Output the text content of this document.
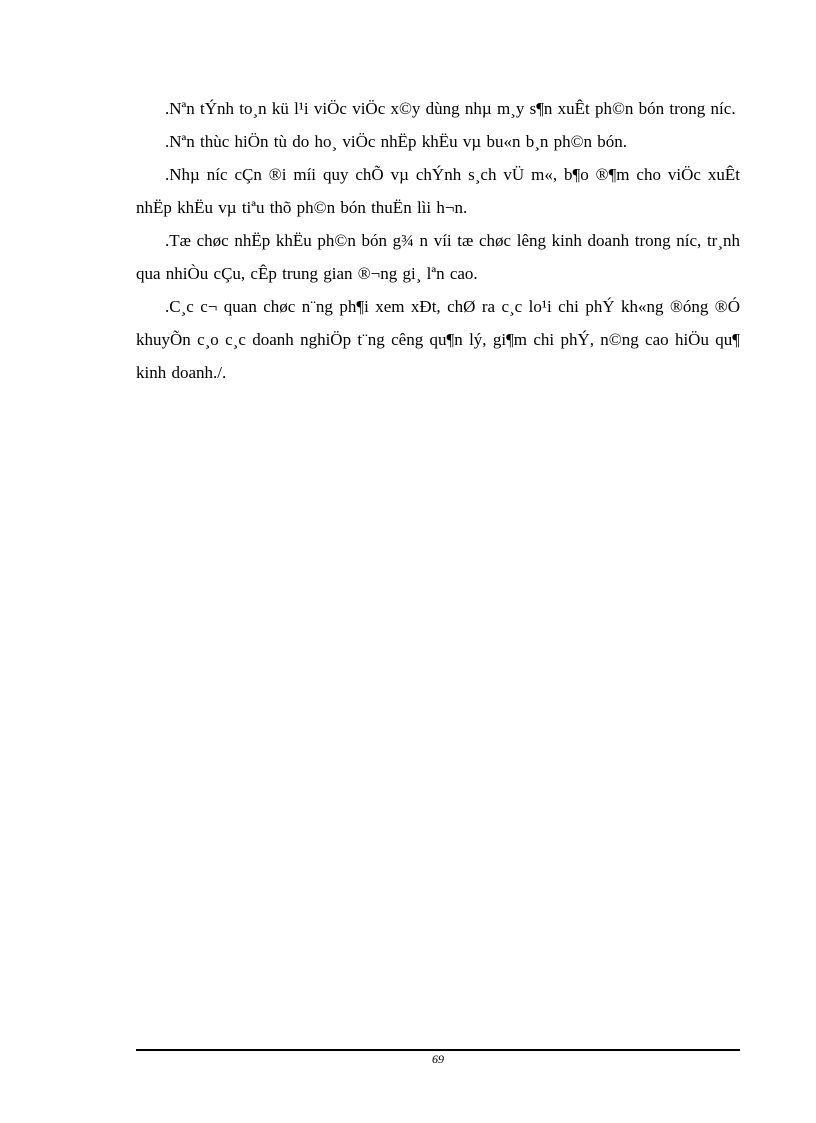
.Nªn tÝnh to¸n kü l¹i viÖc viÖc x©y dùng nhµ m¸y s¶n xuÊt ph©n bón trong níc.

.Nªn thùc hiÖn tù do ho¸ viÖc nhËp khËu vµ bu«n b¸n ph©n bón.

.Nhµ níc cÇn ®i míi quy chÕ vµ chÝnh s¸ch vÜ m«, b¶o ®¶m cho viÖc xuÊt nhËp khËu vµ tiªu thõ ph©n bón thuËn lìi h¬n.

.Tæ chøc nhËp khËu ph©n bón g¾ n víi tæ chøc lêng kinh doanh trong níc, tr¸nh qua nhiÒu cÇu, cÊp trung gian ®¬ng gi¸ lªn cao.

.C¸c c¬ quan chøc n¨ng ph¶i xem xÐt, chØ ra c¸c lo¹i chi phÝ kh«ng ®óng ®Ó khuyÕn c¸o c¸c doanh nghiÖp t¨ng cêng qu¶n lý, gi¶m chi phÝ, n©ng cao hiÖu qu¶ kinh doanh./.

69
